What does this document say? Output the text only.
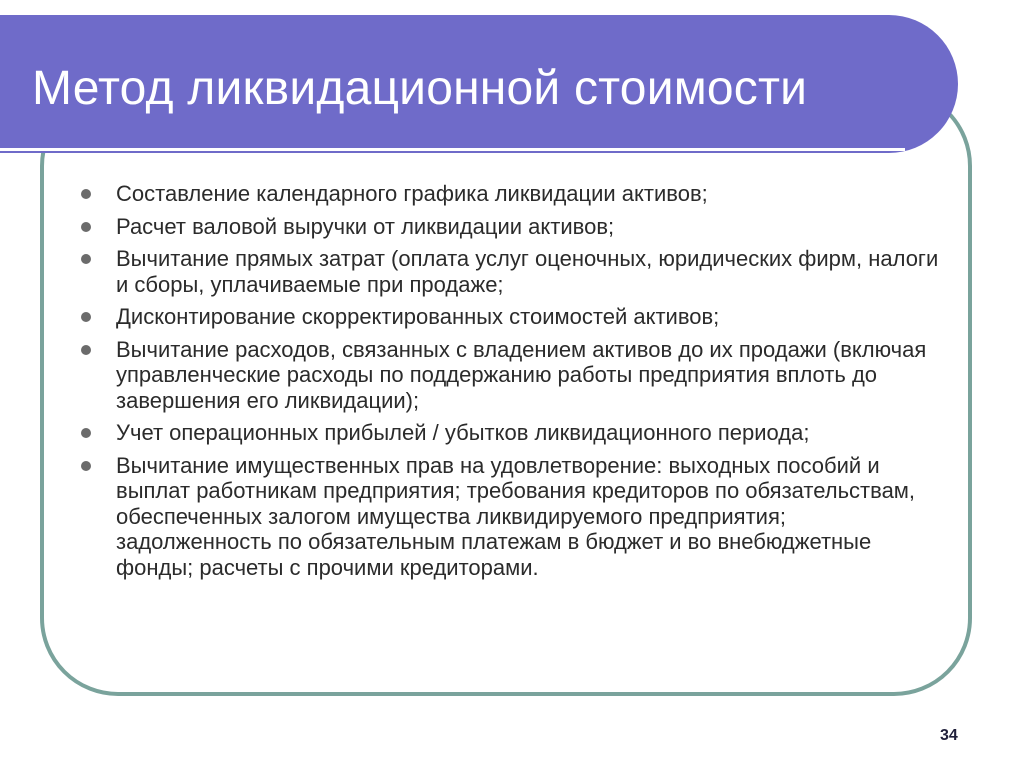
Метод ликвидационной стоимости
Составление календарного графика ликвидации активов;
Расчет валовой выручки от ликвидации активов;
Вычитание прямых затрат (оплата услуг оценочных, юридических фирм, налоги и сборы, уплачиваемые при продаже;
Дисконтирование скорректированных стоимостей активов;
Вычитание расходов, связанных с владением активов до их продажи (включая управленческие расходы по поддержанию работы предприятия вплоть до завершения его ликвидации);
Учет операционных прибылей / убытков ликвидационного периода;
Вычитание имущественных прав на удовлетворение: выходных пособий и выплат работникам предприятия; требования кредиторов по обязательствам, обеспеченных залогом имущества ликвидируемого предприятия; задолженность по обязательным платежам в бюджет и во внебюджетные фонды; расчеты с прочими кредиторами.
34
